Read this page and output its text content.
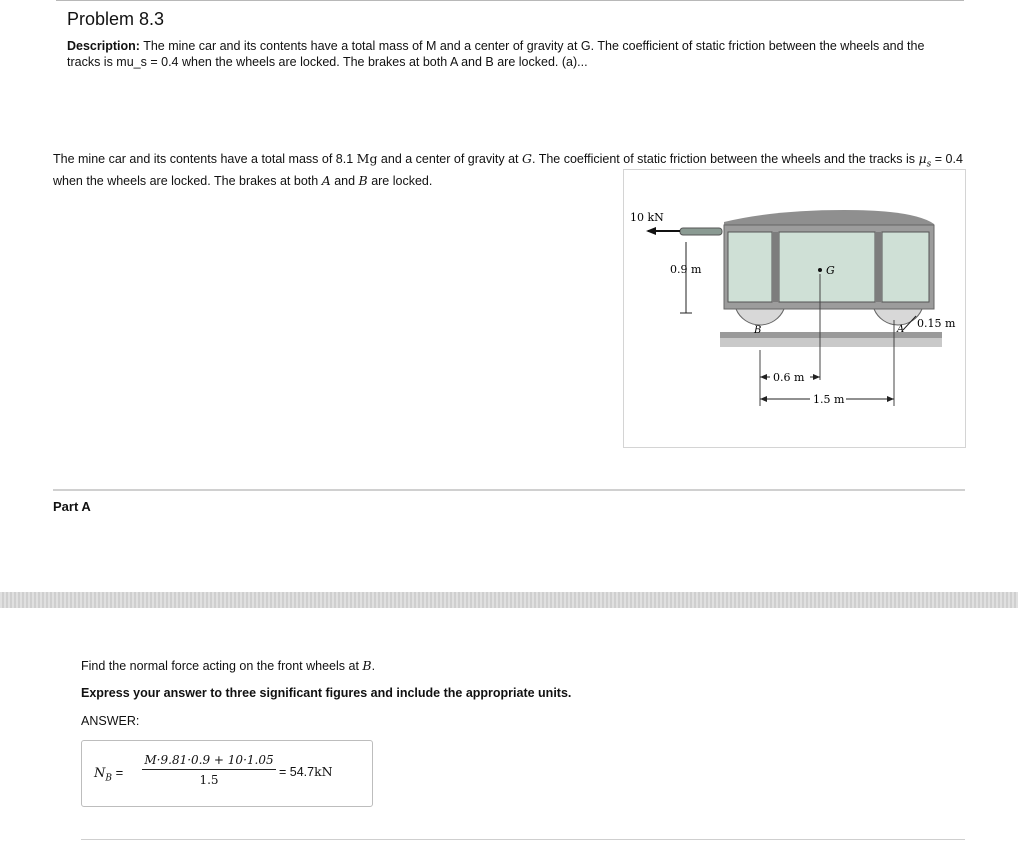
Problem 8.3
Description: The mine car and its contents have a total mass of M and a center of gravity at G. The coefficient of static friction between the wheels and the tracks is mu_s = 0.4 when the wheels are locked. The brakes at both A and B are locked. (a)...
The mine car and its contents have a total mass of 8.1 Mg and a center of gravity at G. The coefficient of static friction between the wheels and the tracks is $\mu_s = 0.4$ when the wheels are locked. The brakes at both A and B are locked.
10 kN
0.9 m	G
B	A 0.15 m
0.6 m
1.5 m
Part A
Find the normal force acting on the front wheels at B.
Express your answer to three significant figures and include the appropriate units.
ANSWER:
$N_B = \frac{M\cdot 9.81\cdot 0.9 + 10\cdot 1.05}{1.5} = 54.7kN$
